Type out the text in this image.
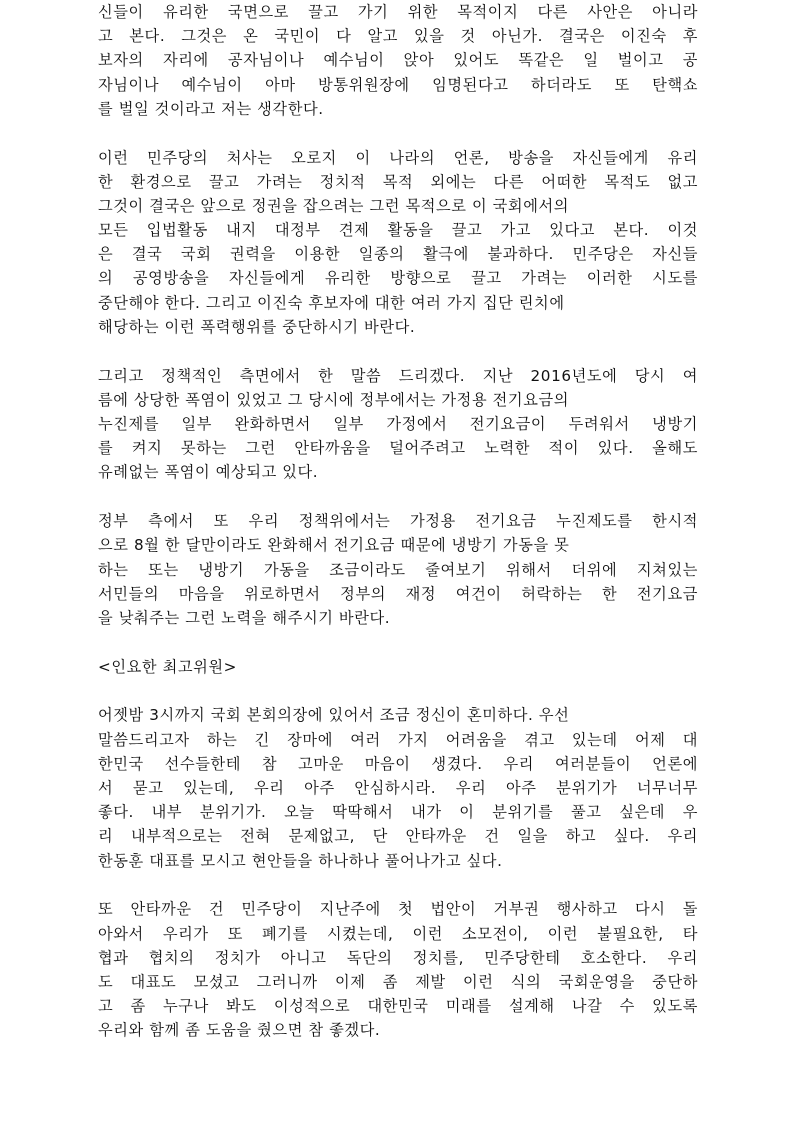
신들이 유리한 국면으로 끌고 가기 위한 목적이지 다른 사안은 아니라
고 본다. 그것은 온 국민이 다 알고 있을 것 아닌가. 결국은 이진숙 후
보자의 자리에 공자님이나 예수님이 앉아 있어도 똑같은 일 벌이고 공
자님이나 예수님이 아마 방통위원장에 임명된다고 하더라도 또 탄핵쇼
를 벌일 것이라고 저는 생각한다.
이런 민주당의 처사는 오로지 이 나라의 언론, 방송을 자신들에게 유리
한 환경으로 끌고 가려는 정치적 목적 외에는 다른 어떠한 목적도 없고
그것이 결국은 앞으로 정권을 잡으려는 그런 목적으로 이 국회에서의
모든 입법활동 내지 대정부 견제 활동을 끌고 가고 있다고 본다. 이것
은 결국 국회 권력을 이용한 일종의 활극에 불과하다. 민주당은 자신들
의 공영방송을 자신들에게 유리한 방향으로 끌고 가려는 이러한 시도를
중단해야 한다. 그리고 이진숙 후보자에 대한 여러 가지 집단 린치에
해당하는 이런 폭력행위를 중단하시기 바란다.
그리고 정책적인 측면에서 한 말씀 드리겠다. 지난 2016년도에 당시 여
름에 상당한 폭염이 있었고 그 당시에 정부에서는 가정용 전기요금의
누진제를 일부 완화하면서 일부 가정에서 전기요금이 두려워서 냉방기
를 켜지 못하는 그런 안타까움을 덜어주려고 노력한 적이 있다. 올해도
유례없는 폭염이 예상되고 있다.
정부 측에서 또 우리 정책위에서는 가정용 전기요금 누진제도를 한시적
으로 8월 한 달만이라도 완화해서 전기요금 때문에 냉방기 가동을 못
하는 또는 냉방기 가동을 조금이라도 줄여보기 위해서 더위에 지쳐있는
서민들의 마음을 위로하면서 정부의 재정 여건이 허락하는 한 전기요금
을 낮춰주는 그런 노력을 해주시기 바란다.
<인요한 최고위원>
어젯밤 3시까지 국회 본회의장에 있어서 조금 정신이 혼미하다. 우선
말씀드리고자 하는 긴 장마에 여러 가지 어려움을 겪고 있는데 어제 대
한민국 선수들한테 참 고마운 마음이 생겼다. 우리 여러분들이 언론에
서 묻고 있는데, 우리 아주 안심하시라. 우리 아주 분위기가 너무너무
좋다. 내부 분위기가. 오늘 딱딱해서 내가 이 분위기를 풀고 싶은데 우
리 내부적으로는 전혀 문제없고, 단 안타까운 건 일을 하고 싶다. 우리
한동훈 대표를 모시고 현안들을 하나하나 풀어나가고 싶다.
또 안타까운 건 민주당이 지난주에 첫 법안이 거부권 행사하고 다시 돌
아와서 우리가 또 폐기를 시켰는데, 이런 소모전이, 이런 불필요한, 타
협과 협치의 정치가 아니고 독단의 정치를, 민주당한테 호소한다. 우리
도 대표도 모셨고 그러니까 이제 좀 제발 이런 식의 국회운영을 중단하
고 좀 누구나 봐도 이성적으로 대한민국 미래를 설계해 나갈 수 있도록
우리와 함께 좀 도움을 줬으면 참 좋겠다.
